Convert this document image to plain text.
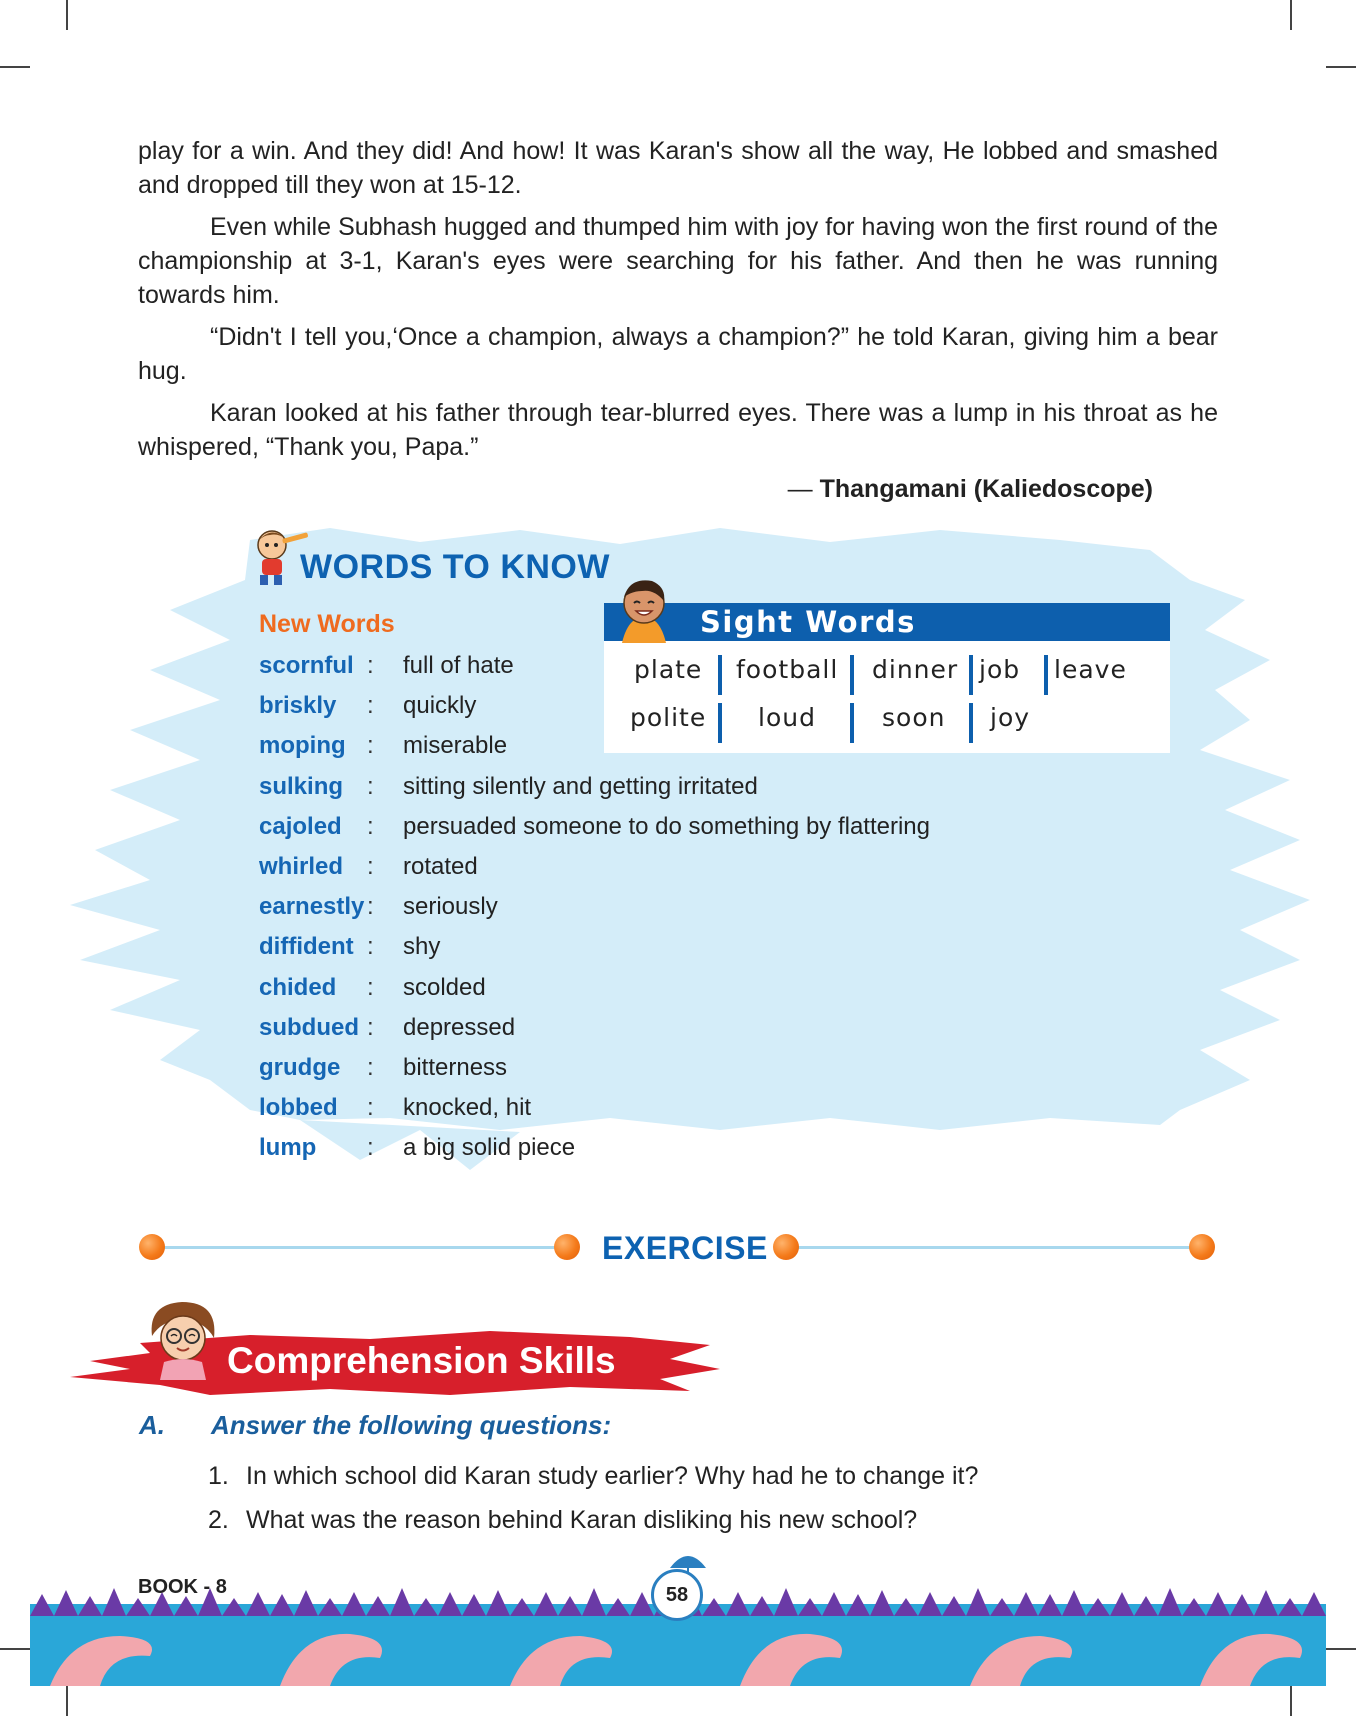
play for a win. And they did! And how! It was Karan's show all the way, He lobbed and smashed and dropped till they won at 15-12.

Even while Subhash hugged and thumped him with joy for having won the first round of the championship at 3-1, Karan's eyes were searching for his father. And then he was running towards him.

“Didn't I tell you,‘Once a champion, always a champion?” he told Karan, giving him a bear hug.

Karan looked at his father through tear-blurred eyes. There was a lump in his throat as he whispered, “Thank you, Papa.”

— Thangamani (Kaliedoscope)
WORDS TO KNOW
New Words
scornful : full of hate
briskly : quickly
moping : miserable
sulking : sitting silently and getting irritated
cajoled : persuaded someone to do something by flattering
whirled : rotated
earnestly : seriously
diffident : shy
chided : scolded
subdued : depressed
grudge : bitterness
lobbed : knocked, hit
lump : a big solid piece
Sight Words
plate football dinner job leave
polite loud	soon joy
EXERCISE
Comprehension Skills
A. Answer the following questions:
1. In which school did Karan study earlier? Why had he to change it?
2. What was the reason behind Karan disliking his new school?
BOOK - 8	58
